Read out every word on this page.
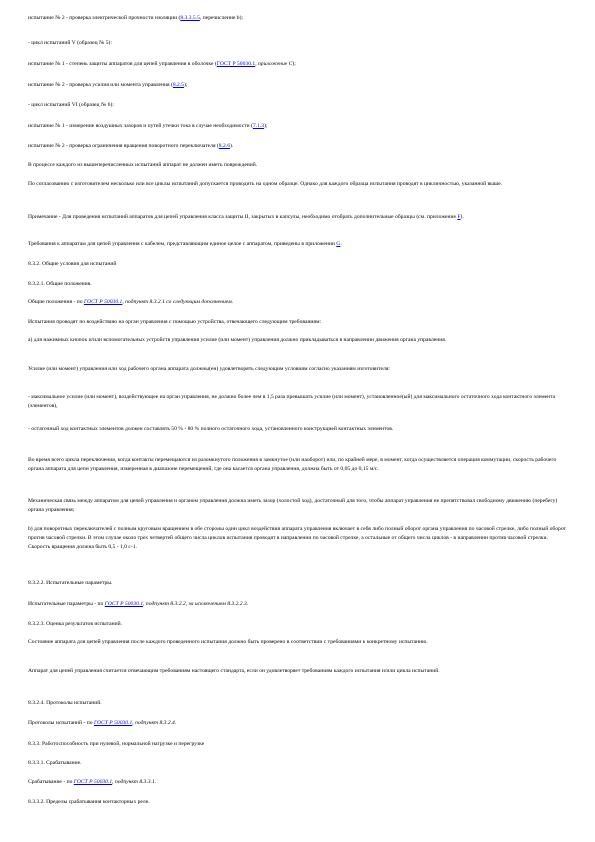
испытание № 2 - проверка электрической прочности изоляции (8.3.3.5.5, перечисление b);
- цикл испытаний V (образец № 5):
испытание № 1 - степень защиты аппаратов для цепей управления в оболочке (ГОСТ Р 50030.1, приложение C);
испытание № 2 - проверка усилия или момента управления (8.2.5);
- цикл испытаний VI (образец № 6):
испытание № 1 - измерение воздушных зазоров и путей утечки тока в случае необходимости (7.1.3);
испытание № 2 - проверка ограничения вращения поворотного переключателя (8.2.6).
В процессе каждого из вышеперечисленных испытаний аппарат не должен иметь повреждений.
По согласованию с изготовителем несколько или все циклы испытаний допускается проводить на одном образце. Однако для каждого образца испытания проводят в цикличностью, указанной выше.
Примечание - Для проведения испытаний аппаратов для цепей управления класса защиты II, закрытых в капсулы, необходимо отобрать дополнительные образцы (см. приложение F).
Требования к аппаратам для цепей управления с кабелем, представляющим единое целое с аппаратом, приведены в приложении G.
8.3.2. Общие условия для испытаний
8.3.2.1. Общие положения.
Общие положения - по ГОСТ Р 50030.1, подпункт 8.3.2.1 со следующим дополнением.
Испытания проводят по воздействию на орган управления с помощью устройства, отвечающего следующим требованиям:
a) для нажимных кнопок и/или вспомогательных устройств управления усилие (или момент) управления должно прикладываться в направлении движения органа управления.
Усилие (или момент) управления или ход рабочего органа аппарата должны(ен) удовлетворять следующим условиям согласно указаниям изготовителя:
- максимальное усилие (или момент), воздействующее на орган управления, не должно более чем в 1,5 раза превышать усилие (или момент), установленное(ый) для максимального остаточного хода контактного элемента (элементов),
- остаточный ход контактных элементов должен составлять 50 % - 80 % полного остаточного хода, установленного конструкцией контактных элементов.
Во время всего цикла переключения, когда контакты перемещаются из разомкнутого положения в замкнутое (или наоборот) или, по крайней мере, в момент, когда осуществляется операция коммутации, скорость рабочего органа аппарата для цепи управления, измеренная в диапазоне перемещений, где она касается органа управления, должна быть от 0,05 до 0,15 м/с.
Механическая связь между аппаратом для цепей управления и органом управления должна иметь зазор (холостой ход), достаточный для того, чтобы аппарат управления не препятствовал свободному движению (перебегу) органа управления;
b) для поворотных переключателей с полным круговым вращением в обе стороны один цикл воздействия аппарата управления включает в себя либо полный оборот органа управления по часовой стрелке, либо полный оборот против часовой стрелки. В этом случае около трех четвертей общего числа циклов испытания проводят в направлении по часовой стрелке, а остальные от общего числа циклов - в направлении против часовой стрелки. Скорость вращения должна быть 0,5 - 1,0 с-1.
8.3.2.2. Испытательные параметры.
Испытательные параметры - по ГОСТ Р 50030.1, подпункт 8.3.2.2, за исключением 8.3.2.2.3.
8.3.2.3. Оценка результатов испытаний.
Состояние аппарата для цепей управления после каждого проведенного испытания должно быть проверено в соответствии с требованиями к конкретному испытанию.
Аппарат для цепей управления считается отвечающим требованиям настоящего стандарта, если он удовлетворяет требованиям каждого испытания и/или цикла испытаний.
8.3.2.4. Протоколы испытаний.
Протоколы испытаний - по ГОСТ Р 50030.1, подпункт 8.3.2.4.
8.3.3. Работоспособность при нулевой, нормальной нагрузке и перегрузке
8.3.3.1. Срабатывание.
Срабатывание - по ГОСТ Р 50030.1, подпункт 8.3.3.1.
8.3.3.2. Пределы срабатывания контакторных реле.
